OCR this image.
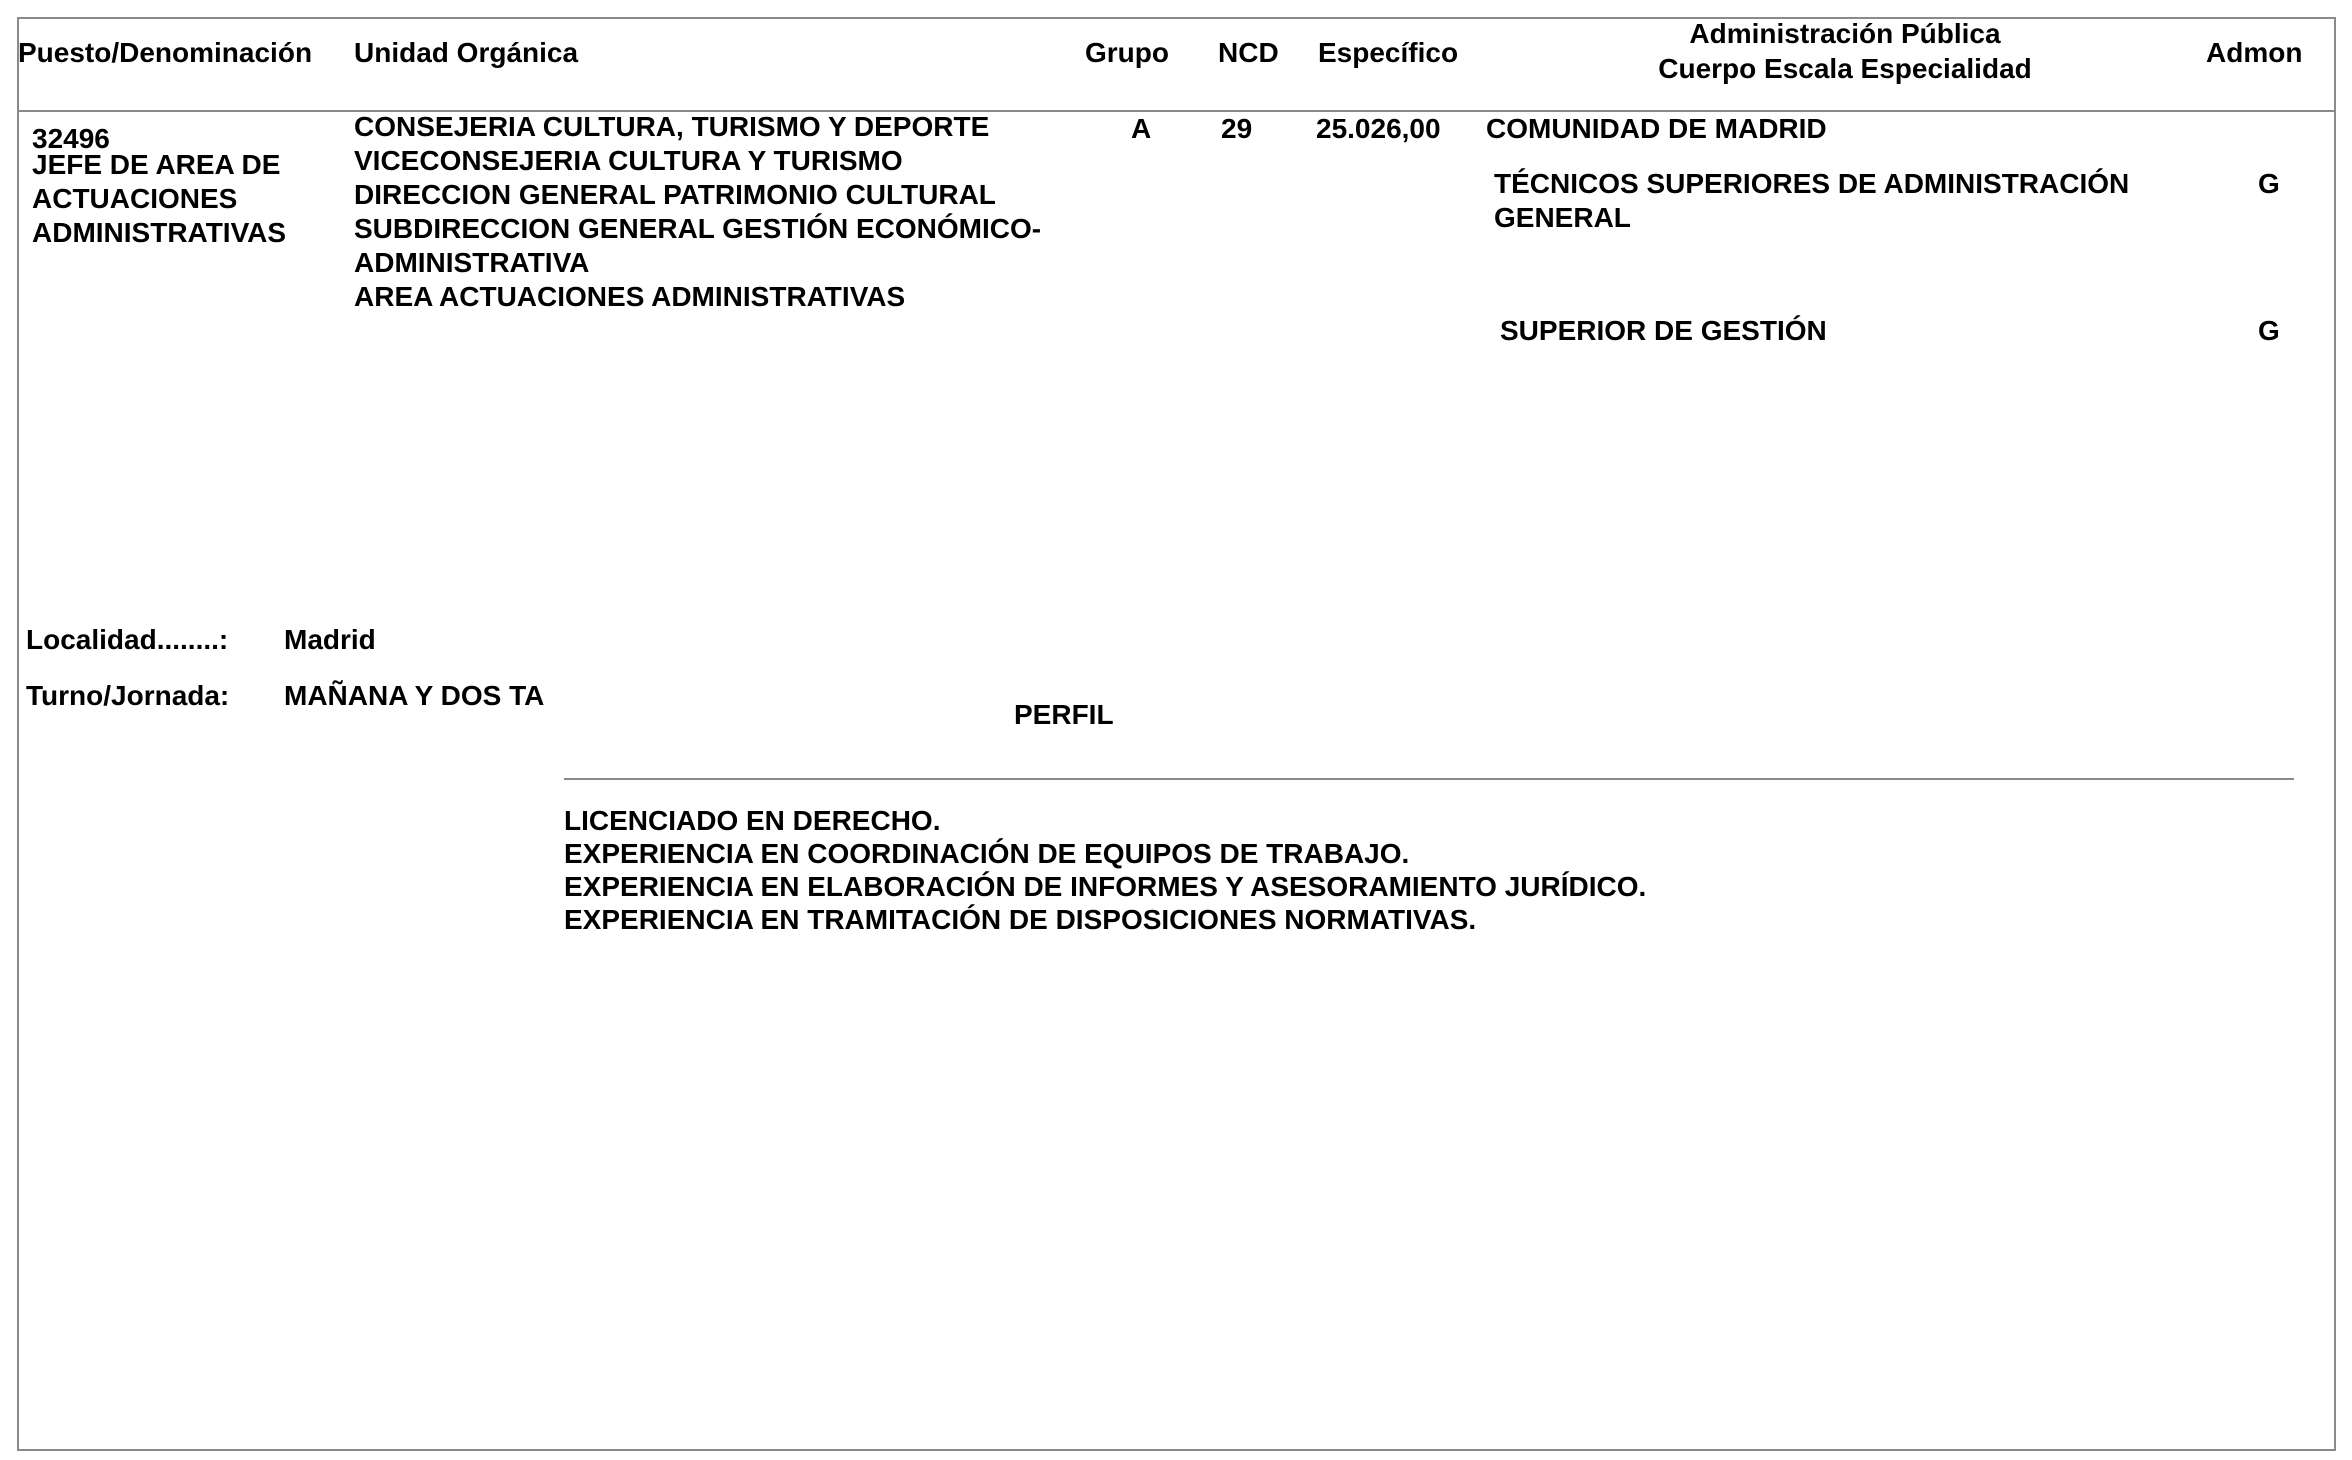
Puesto/Denominación Unidad Orgánica	Grupo NCD Específico
Administración Pública
Cuerpo Escala Especialidad
Admon
32496
JEFE DE AREA DE
ACTUACIONES
ADMINISTRATIVAS
CONSEJERIA CULTURA, TURISMO Y DEPORTE
VICECONSEJERIA CULTURA Y TURISMO
DIRECCION GENERAL PATRIMONIO CULTURAL
SUBDIRECCION GENERAL GESTIÓN ECONÓMICO-
ADMINISTRATIVA
AREA ACTUACIONES ADMINISTRATIVAS
A 29 25.026,00 COMUNIDAD DE MADRID
TÉCNICOS SUPERIORES DE ADMINISTRACIÓN
GENERAL
G
SUPERIOR DE GESTIÓN	G
Localidad........: Madrid
Turno/Jornada: MAÑANA Y DOS TA
PERFIL
LICENCIADO EN DERECHO.
EXPERIENCIA EN COORDINACIÓN DE EQUIPOS DE TRABAJO.
EXPERIENCIA EN ELABORACIÓN DE INFORMES Y ASESORAMIENTO JURÍDICO.
EXPERIENCIA EN TRAMITACIÓN DE DISPOSICIONES NORMATIVAS.
